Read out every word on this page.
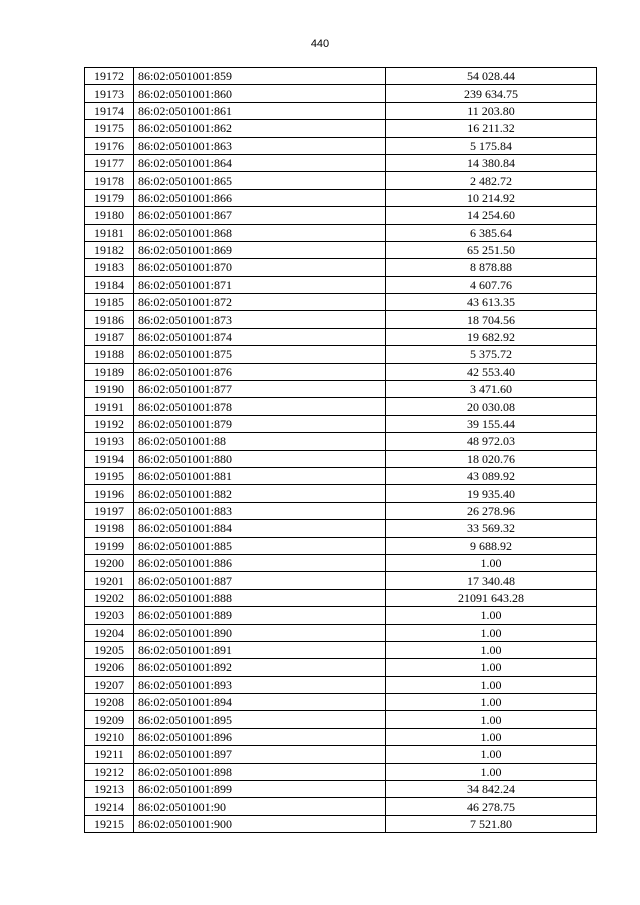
440
19172	86:02:0501001:859	54 028.44
19173	86:02:0501001:860	239 634.75
19174	86:02:0501001:861	11 203.80
19175	86:02:0501001:862	16 211.32
19176	86:02:0501001:863	5 175.84
19177	86:02:0501001:864	14 380.84
19178	86:02:0501001:865	2 482.72
19179	86:02:0501001:866	10 214.92
19180	86:02:0501001:867	14 254.60
19181	86:02:0501001:868	6 385.64
19182	86:02:0501001:869	65 251.50
19183	86:02:0501001:870	8 878.88
19184	86:02:0501001:871	4 607.76
19185	86:02:0501001:872	43 613.35
19186	86:02:0501001:873	18 704.56
19187	86:02:0501001:874	19 682.92
19188	86:02:0501001:875	5 375.72
19189	86:02:0501001:876	42 553.40
19190	86:02:0501001:877	3 471.60
19191	86:02:0501001:878	20 030.08
19192	86:02:0501001:879	39 155.44
19193	86:02:0501001:88	48 972.03
19194	86:02:0501001:880	18 020.76
19195	86:02:0501001:881	43 089.92
19196	86:02:0501001:882	19 935.40
19197	86:02:0501001:883	26 278.96
19198	86:02:0501001:884	33 569.32
19199	86:02:0501001:885	9 688.92
19200	86:02:0501001:886	1.00
19201	86:02:0501001:887	17 340.48
19202	86:02:0501001:888	21091 643.28
19203	86:02:0501001:889	1.00
19204	86:02:0501001:890	1.00
19205	86:02:0501001:891	1.00
19206	86:02:0501001:892	1.00
19207	86:02:0501001:893	1.00
19208	86:02:0501001:894	1.00
19209	86:02:0501001:895	1.00
19210	86:02:0501001:896	1.00
19211	86:02:0501001:897	1.00
19212	86:02:0501001:898	1.00
19213	86:02:0501001:899	34 842.24
19214	86:02:0501001:90	46 278.75
19215	86:02:0501001:900	7 521.80
